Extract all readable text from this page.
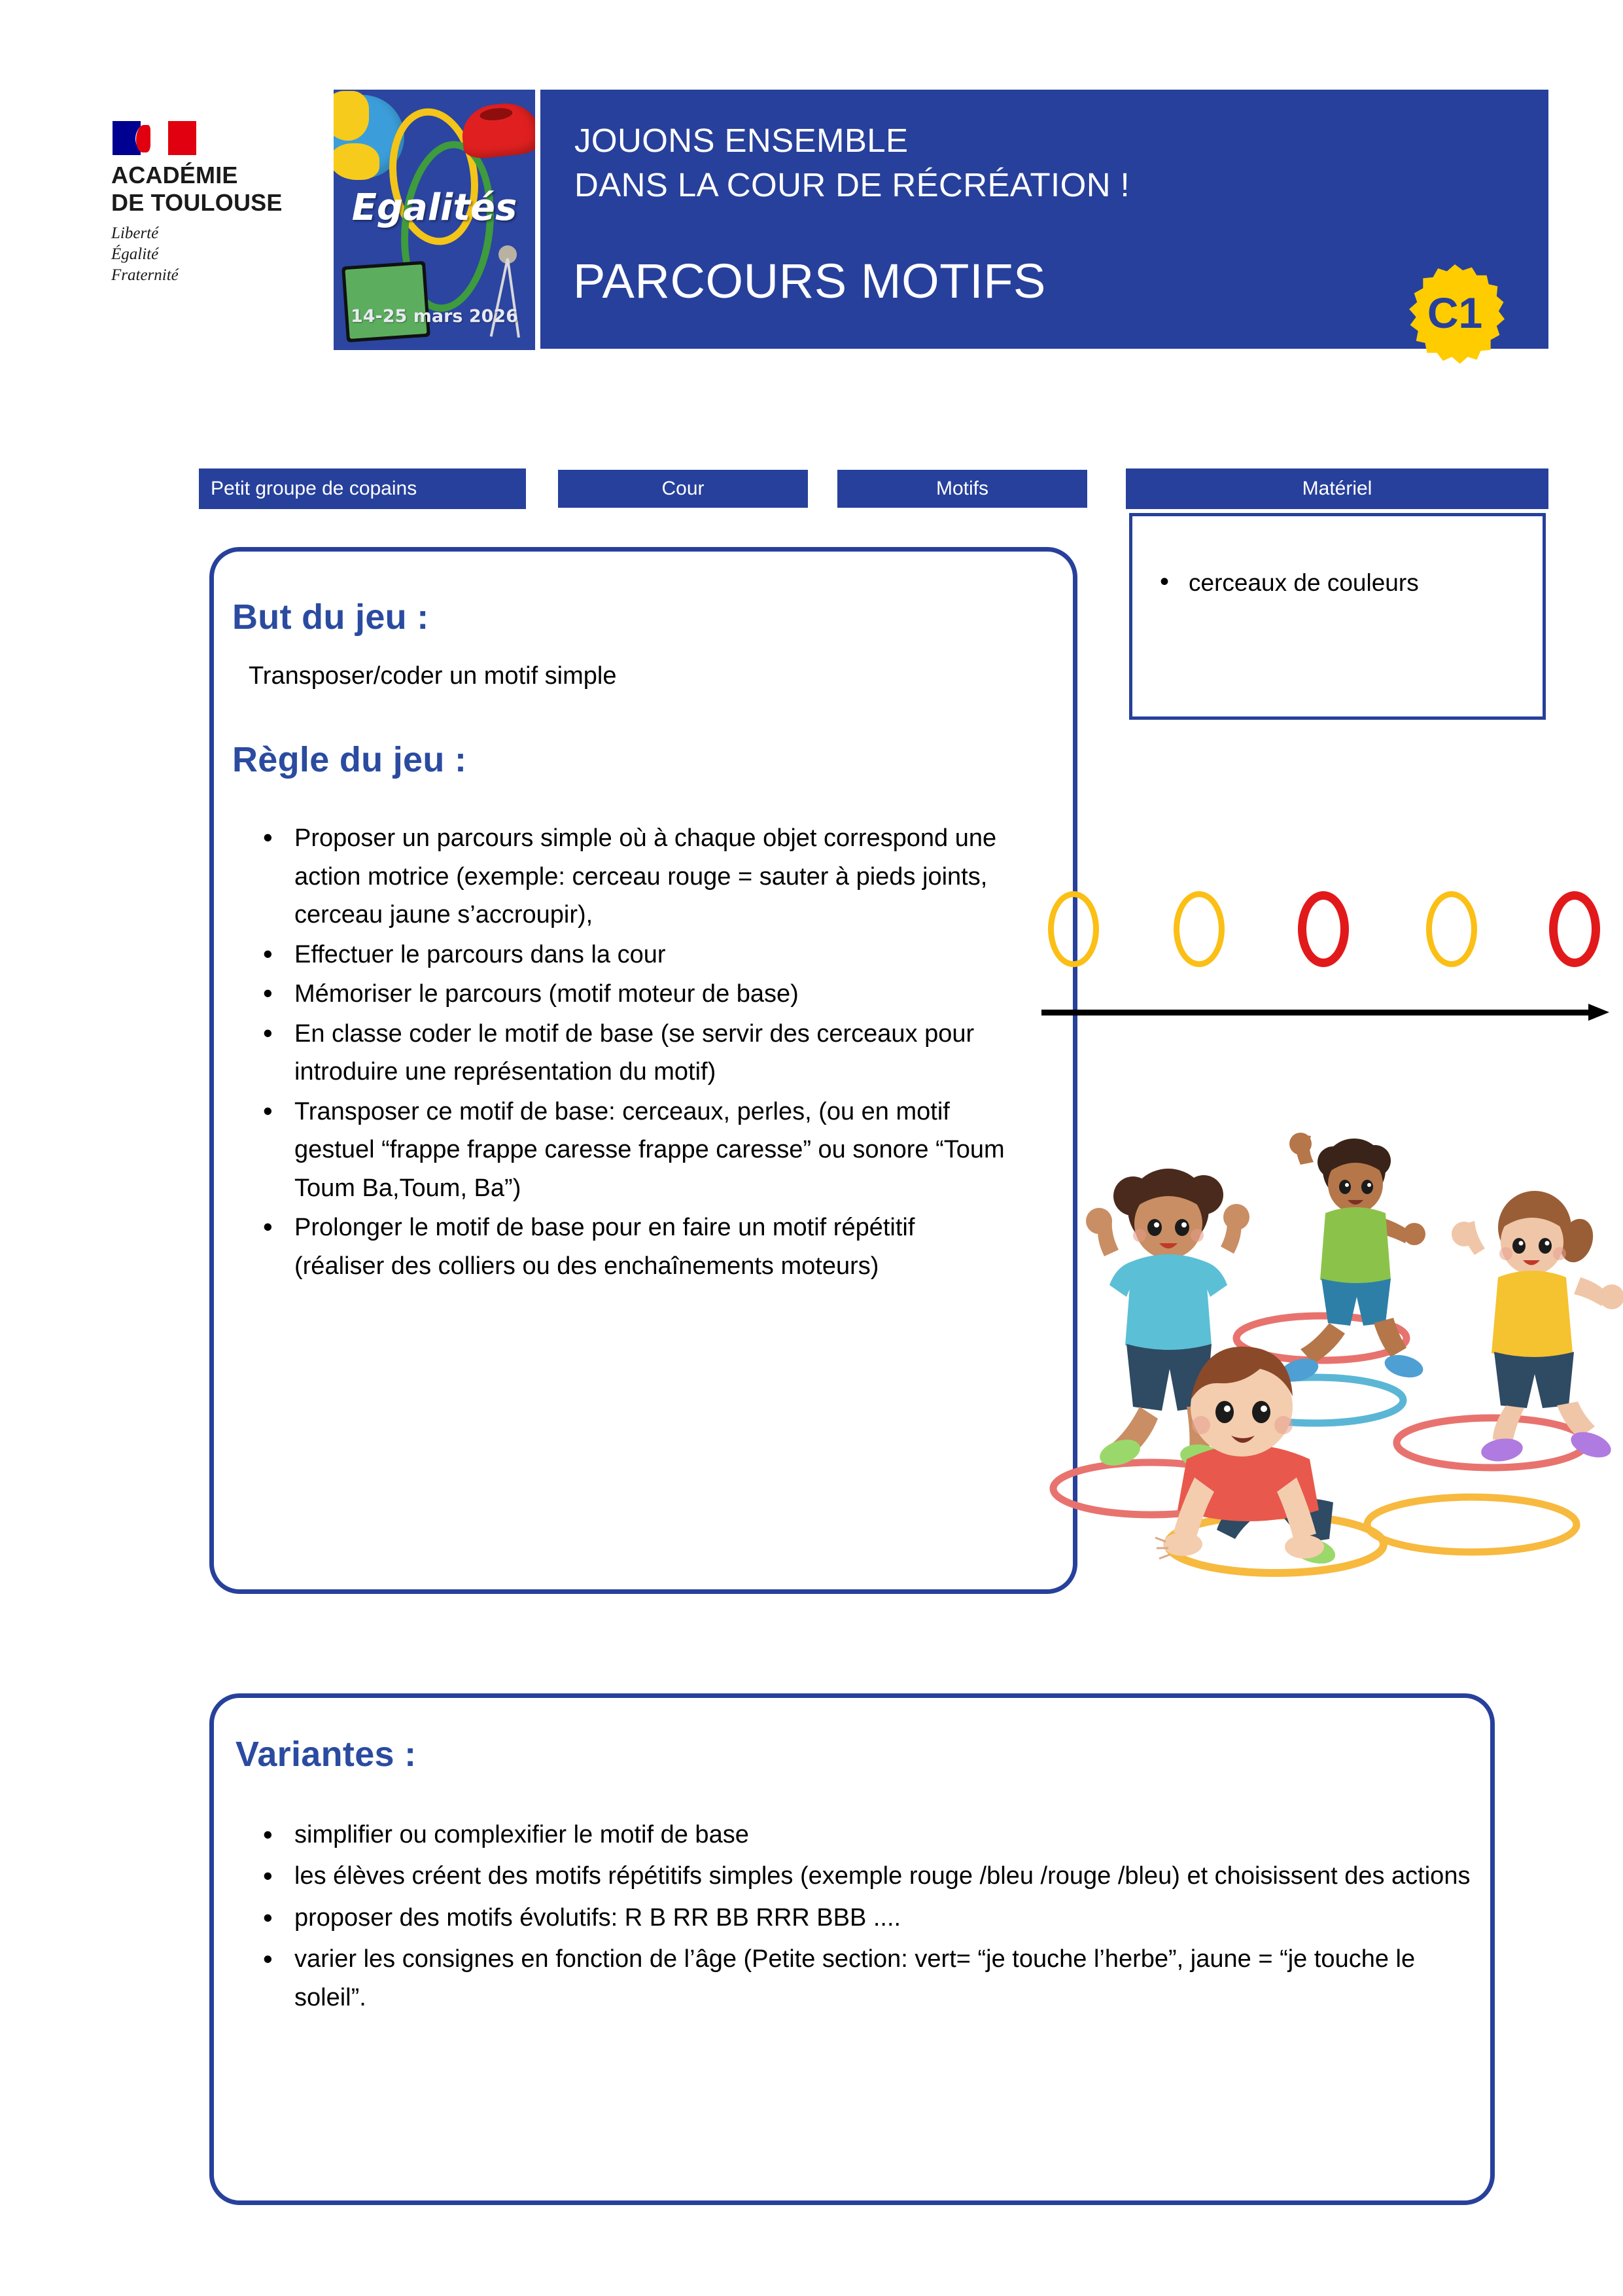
ACADÉMIE
DE TOULOUSE
Liberté
Égalité
Fraternité
Egalités
14-25 mars 2026
JOUONS ENSEMBLE
DANS LA COUR DE RÉCRÉATION !
PARCOURS MOTIFS
C1
Petit groupe de copains	Cour	Motifs	Matériel
• cerceaux de couleurs
But du jeu :
Transposer/coder un motif simple
Règle du jeu :
• Proposer un parcours simple où à chaque objet correspond une action motrice (exemple: cerceau rouge = sauter à pieds joints, cerceau jaune s’accroupir),
• Effectuer le parcours dans la cour
• Mémoriser le parcours (motif moteur de base)
• En classe coder le motif de base (se servir des cerceaux pour introduire une représentation du motif)
• Transposer ce motif de base: cerceaux, perles, (ou en motif gestuel “frappe frappe caresse frappe caresse” ou sonore “Toum Toum Ba,Toum, Ba”)
• Prolonger le motif de base pour en faire un motif répétitif (réaliser des colliers ou des enchaînements moteurs)
Variantes :
• simplifier ou complexifier le motif de base
• les élèves créent des motifs répétitifs simples (exemple rouge /bleu /rouge /bleu) et choisissent des actions
• proposer des motifs évolutifs: R B RR BB RRR BBB ....
• varier les consignes en fonction de l’âge (Petite section: vert= “je touche l’herbe”, jaune = “je touche le soleil”.
